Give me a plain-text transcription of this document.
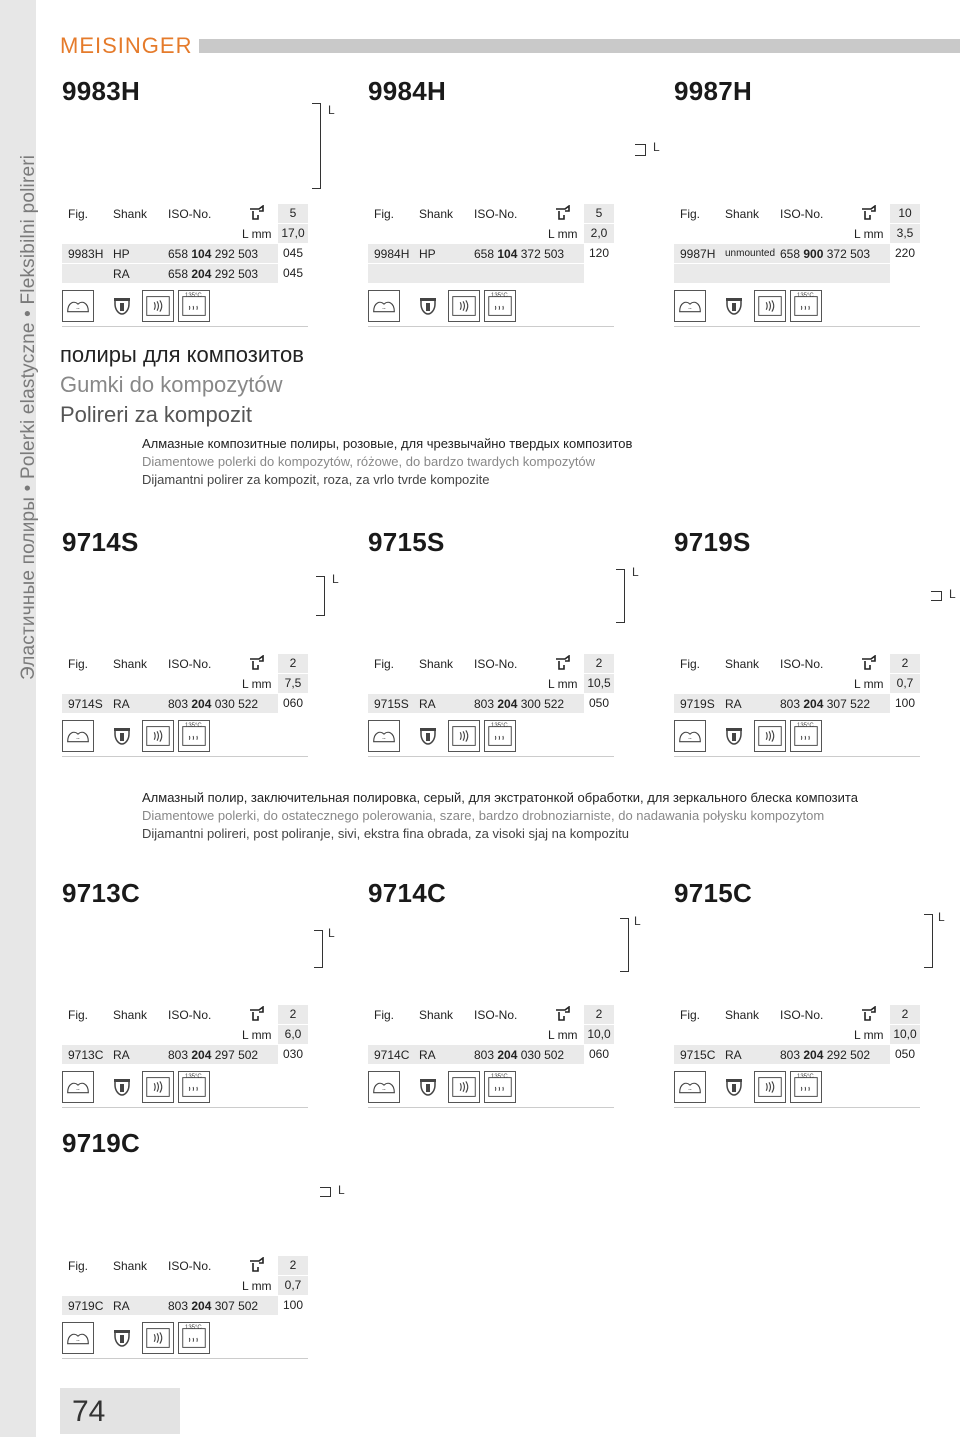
Эластичные полиры • Polerki elastyczne • Fleksibilni polireri
MEISINGER
полиры для композитов
Gumki do kompozytów
Polireri za kompozit
Алмазные композитные полиры, розовые, для чрезвычайно твердых композитов
Diamentowe polerki do kompozytów, różowe, do bardzo twardych kompozytów
Dijamantni polirer za kompozit, roza, za vrlo tvrde kompozite
Алмазный полир, заключительная полировка, серый, для экстратонкой обработки, для зеркального блеска композита
Diamentowe polerki, do ostatecznego polerowania, szare, bardzo drobnoziarniste, do nadawania połysku kompozytom
Dijamantni polireri, post poliranje, sivi, ekstra fina obrada, za visoki sjaj na kompozitu
74
9983H
L
Fig. Shank ISO-No.	5
L mm 17,0
9983H HP	658 104 292 503	045
RA	658 204 292 503	045
~
135°C
9984H
Fig. Shank ISO-No.	5
L mm	2,0
9984H HP	658 104 372 503	120
~
135°C
9987H
L
Fig. Shank ISO-No.	10
L mm	3,5
9987H unmounted 658 900 372 503	220
~
135°C
9714S
L
Fig. Shank ISO-No.	2
L mm	7,5
9714S RA	803 204 030 522	060
~
135°C
9715S
L
Fig. Shank ISO-No.	2
L mm 10,5
9715S RA	803 204 300 522	050
~
135°C
9719S
L
Fig. Shank ISO-No.	2
L mm	0,7
9719S RA	803 204 307 522	100
~
135°C
9713C
L
Fig. Shank ISO-No.	2
L mm	6,0
9713C RA	803 204 297 502	030
~
135°C
9714C
L
Fig. Shank ISO-No.	2
L mm 10,0
9714C RA	803 204 030 502	060
~
135°C
9715C
L
Fig. Shank ISO-No.	2
L mm 10,0
9715C RA	803 204 292 502	050
~
135°C
9719C
L
Fig. Shank ISO-No.	2
L mm	0,7
9719C RA	803 204 307 502	100
~
135°C
